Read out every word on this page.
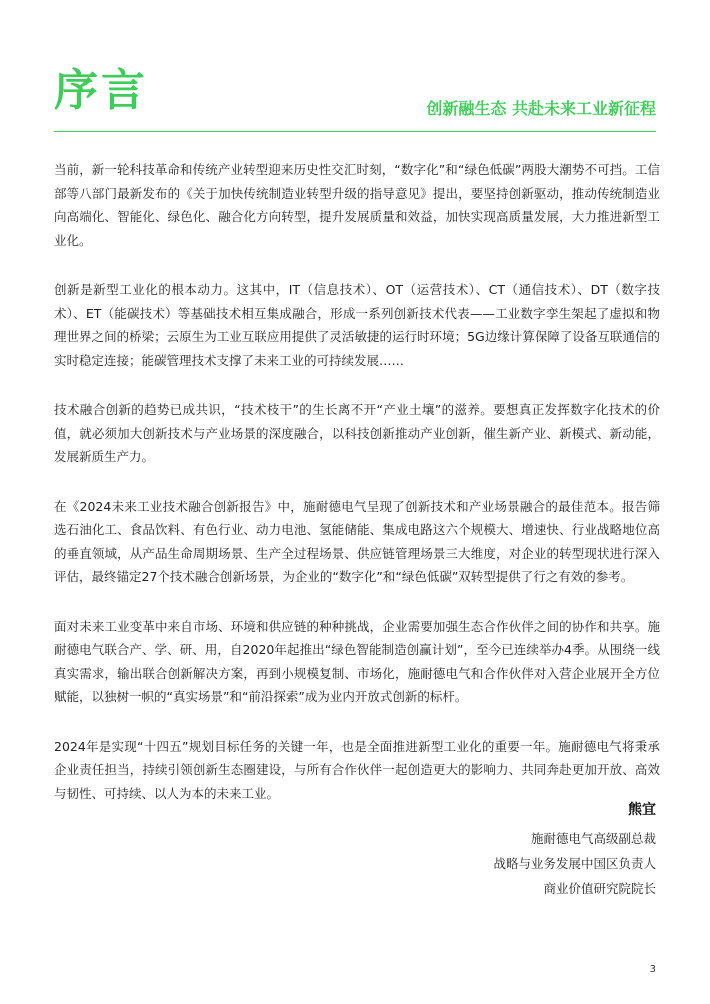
序言	创新融生态 共赴未来工业新征程

当前，新一轮科技革命和传统产业转型迎来历史性交汇时刻，“数字化”和“绿色低碳”两股大潮势不可挡。工信部等八部门最新发布的《关于加快传统制造业转型升级的指导意见》提出，要坚持创新驱动，推动传统制造业向高端化、智能化、绿色化、融合化方向转型，提升发展质量和效益，加快实现高质量发展，大力推进新型工业化。

创新是新型工业化的根本动力。这其中，IT（信息技术）、OT（运营技术）、CT（通信技术）、DT（数字技术）、ET（能碳技术）等基础技术相互集成融合，形成一系列创新技术代表——工业数字孪生架起了虚拟和物理世界之间的桥梁；云原生为工业互联应用提供了灵活敏捷的运行时环境；5G边缘计算保障了设备互联通信的实时稳定连接；能碳管理技术支撑了未来工业的可持续发展……

技术融合创新的趋势已成共识，“技术枝干”的生长离不开“产业土壤”的滋养。要想真正发挥数字化技术的价值，就必须加大创新技术与产业场景的深度融合，以科技创新推动产业创新，催生新产业、新模式、新动能，发展新质生产力。

在《2024未来工业技术融合创新报告》中，施耐德电气呈现了创新技术和产业场景融合的最佳范本。报告筛选石油化工、食品饮料、有色行业、动力电池、氢能储能、集成电路这六个规模大、增速快、行业战略地位高的垂直领域，从产品生命周期场景、生产全过程场景、供应链管理场景三大维度，对企业的转型现状进行深入评估，最终锚定27个技术融合创新场景，为企业的“数字化”和“绿色低碳”双转型提供了行之有效的参考。

面对未来工业变革中来自市场、环境和供应链的种种挑战，企业需要加强生态合作伙伴之间的协作和共享。施耐德电气联合产、学、研、用，自2020年起推出“绿色智能制造创赢计划”，至今已连续举办4季。从围绕一线真实需求，输出联合创新解决方案，再到小规模复制、市场化，施耐德电气和合作伙伴对入营企业展开全方位赋能，以独树一帜的“真实场景”和“前沿探索”成为业内开放式创新的标杆。

2024年是实现“十四五”规划目标任务的关键一年，也是全面推进新型工业化的重要一年。施耐德电气将秉承企业责任担当，持续引领创新生态圈建设，与所有合作伙伴一起创造更大的影响力、共同奔赴更加开放、高效与韧性、可持续、以人为本的未来工业。

熊宜
施耐德电气高级副总裁
战略与业务发展中国区负责人
商业价值研究院院长
3
